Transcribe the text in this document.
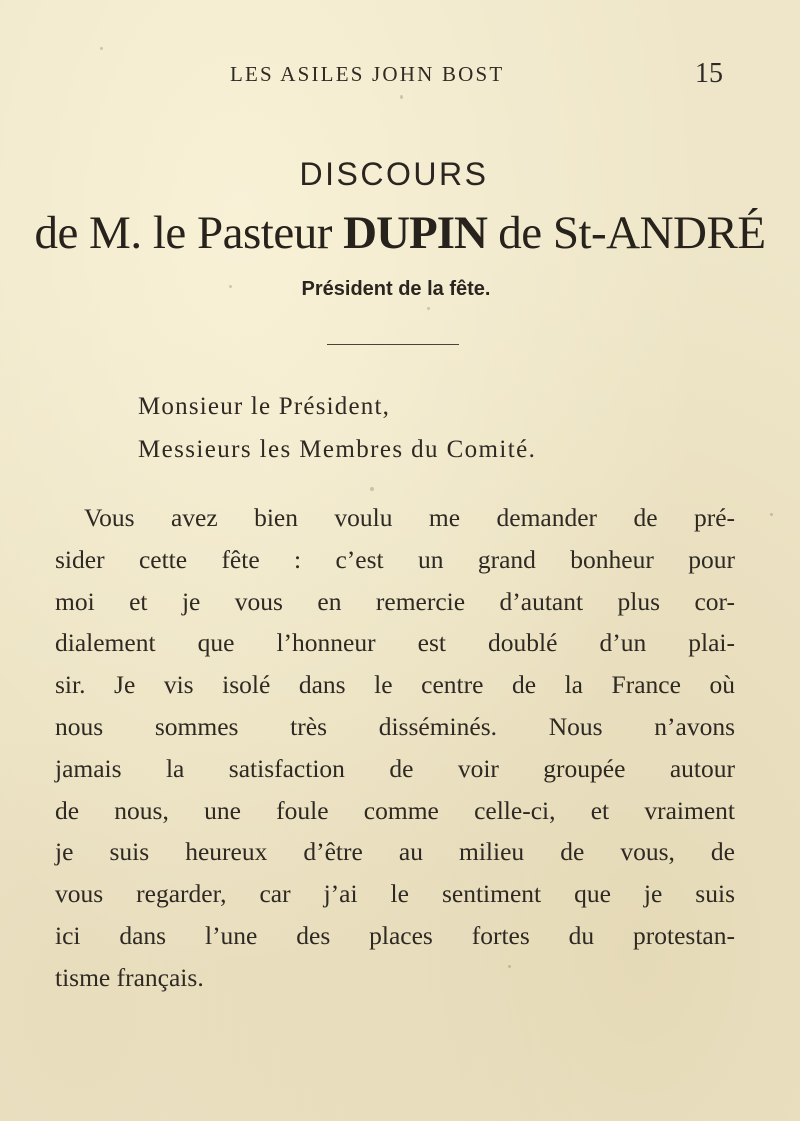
LES ASILES JOHN BOST	15
DISCOURS
de M. le Pasteur DUPIN de St-ANDRÉ
Président de la fête.
Monsieur le Président,
Messieurs les Membres du Comité.
Vous avez bien voulu me demander de pré-
sider cette fête : c’est un grand bonheur pour
moi et je vous en remercie d’autant plus cor-
dialement que l’honneur est doublé d’un plai-
sir. Je vis isolé dans le centre de la France où
nous sommes très disséminés. Nous n’avons
jamais la satisfaction de voir groupée autour
de nous, une foule comme celle-ci, et vraiment
je suis heureux d’être au milieu de vous, de
vous regarder, car j’ai le sentiment que je suis
ici dans l’une des places fortes du protestan-
tisme français.
